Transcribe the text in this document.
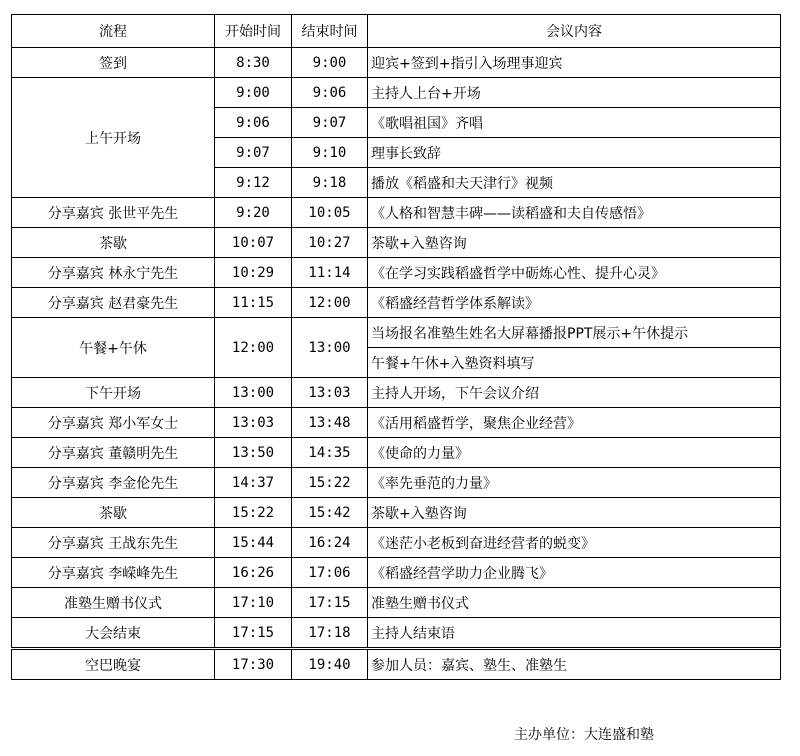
流程	开始时间	结束时间	会议内容
签到	8:30	9:00	迎宾+签到+指引入场理事迎宾
上午开场	9:00	9:06	主持人上台+开场
	9:06	9:07	《歌唱祖国》齐唱
	9:07	9:10	理事长致辞
	9:12	9:18	播放《稻盛和夫天津行》视频
分享嘉宾 张世平先生	9:20	10:05	《人格和智慧丰碑——读稻盛和夫自传感悟》
茶歇	10:07	10:27	茶歇+入塾咨询
分享嘉宾 林永宁先生	10:29	11:14	《在学习实践稻盛哲学中砺炼心性、提升心灵》
分享嘉宾 赵君豪先生	11:15	12:00	《稻盛经营哲学体系解读》
午餐+午休	12:00	13:00	当场报名准塾生姓名大屏幕播报PPT展示+午休提示
			午餐+午休+入塾资料填写
下午开场	13:00	13:03	主持人开场，下午会议介绍
分享嘉宾 郑小军女士	13:03	13:48	《活用稻盛哲学，聚焦企业经营》
分享嘉宾 董赣明先生	13:50	14:35	《使命的力量》
分享嘉宾 李金伦先生	14:37	15:22	《率先垂范的力量》
茶歇	15:22	15:42	茶歇+入塾咨询
分享嘉宾 王战东先生	15:44	16:24	《迷茫小老板到奋进经营者的蜕变》
分享嘉宾 李嵘峰先生	16:26	17:06	《稻盛经营学助力企业腾飞》
准塾生赠书仪式	17:10	17:15	准塾生赠书仪式
大会结束	17:15	17:18	主持人结束语
空巴晚宴	17:30	19:40	参加人员：嘉宾、塾生、准塾生
主办单位：大连盛和塾
